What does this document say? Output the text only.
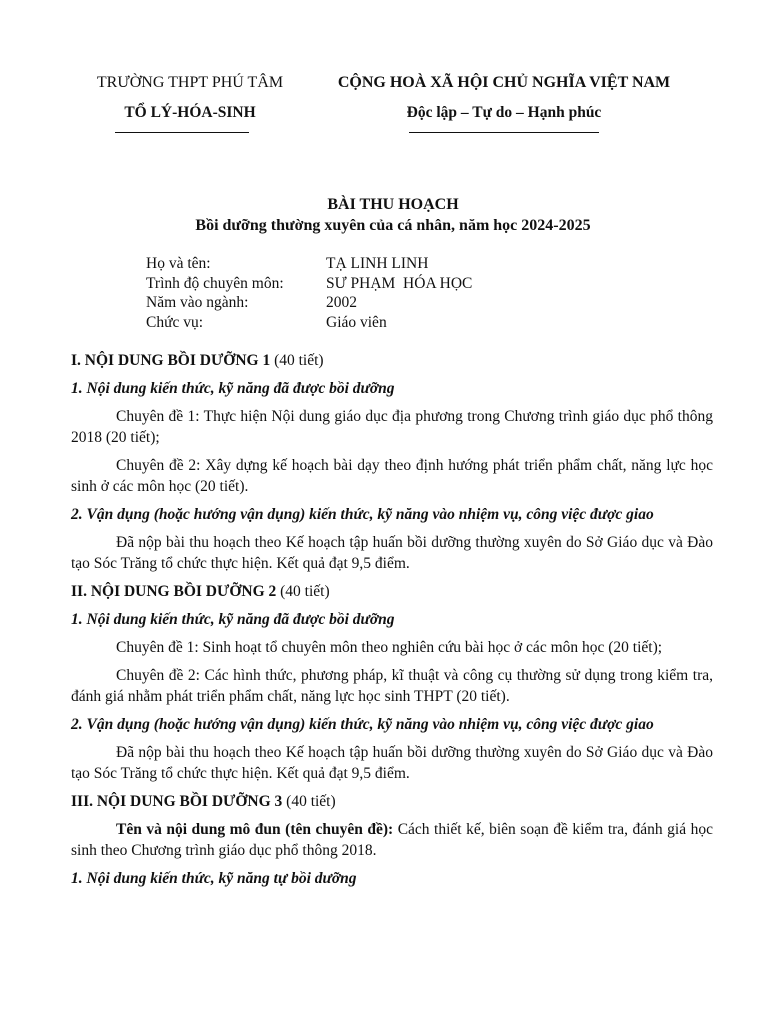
TRƯỜNG THPT PHÚ TÂM
TỔ LÝ-HÓA-SINH
CỘNG HOÀ XÃ HỘI CHỦ NGHĨA VIỆT NAM
Độc lập – Tự do – Hạnh phúc
BÀI THU HOẠCH
Bồi dưỡng thường xuyên của cá nhân, năm học 2024-2025
Họ và tên:	TẠ LINH LINH
Trình độ chuyên môn:	SƯ PHẠM  HÓA HỌC
Năm vào ngành:	2002
Chức vụ:	Giáo viên

I. NỘI DUNG BỒI DƯỠNG 1 (40 tiết)

1. Nội dung kiến thức, kỹ năng đã được bồi dưỡng

Chuyên đề 1: Thực hiện Nội dung giáo dục địa phương trong Chương trình giáo dục phổ thông 2018 (20 tiết);

Chuyên đề 2: Xây dựng kế hoạch bài dạy theo định hướng phát triển phẩm chất, năng lực học sinh ở các môn học (20 tiết).

2. Vận dụng (hoặc hướng vận dụng) kiến thức, kỹ năng vào nhiệm vụ, công việc được giao

Đã nộp bài thu hoạch theo Kế hoạch tập huấn bồi dưỡng thường xuyên do Sở Giáo dục và Đào tạo Sóc Trăng tổ chức thực hiện. Kết quả đạt 9,5 điểm.

II. NỘI DUNG BỒI DƯỠNG 2 (40 tiết)

1. Nội dung kiến thức, kỹ năng đã được bồi dưỡng

Chuyên đề 1: Sinh hoạt tổ chuyên môn theo nghiên cứu bài học ở các môn học (20 tiết);

Chuyên đề 2: Các hình thức, phương pháp, kĩ thuật và công cụ thường sử dụng trong kiểm tra, đánh giá nhằm phát triển phẩm chất, năng lực học sinh THPT (20 tiết).

2. Vận dụng (hoặc hướng vận dụng) kiến thức, kỹ năng vào nhiệm vụ, công việc được giao

Đã nộp bài thu hoạch theo Kế hoạch tập huấn bồi dưỡng thường xuyên do Sở Giáo dục và Đào tạo Sóc Trăng tổ chức thực hiện. Kết quả đạt 9,5 điểm.

III. NỘI DUNG BỒI DƯỠNG 3 (40 tiết)

Tên và nội dung mô đun (tên chuyên đề): Cách thiết kế, biên soạn đề kiểm tra, đánh giá học sinh theo Chương trình giáo dục phổ thông 2018.

1. Nội dung kiến thức, kỹ năng tự bồi dưỡng
